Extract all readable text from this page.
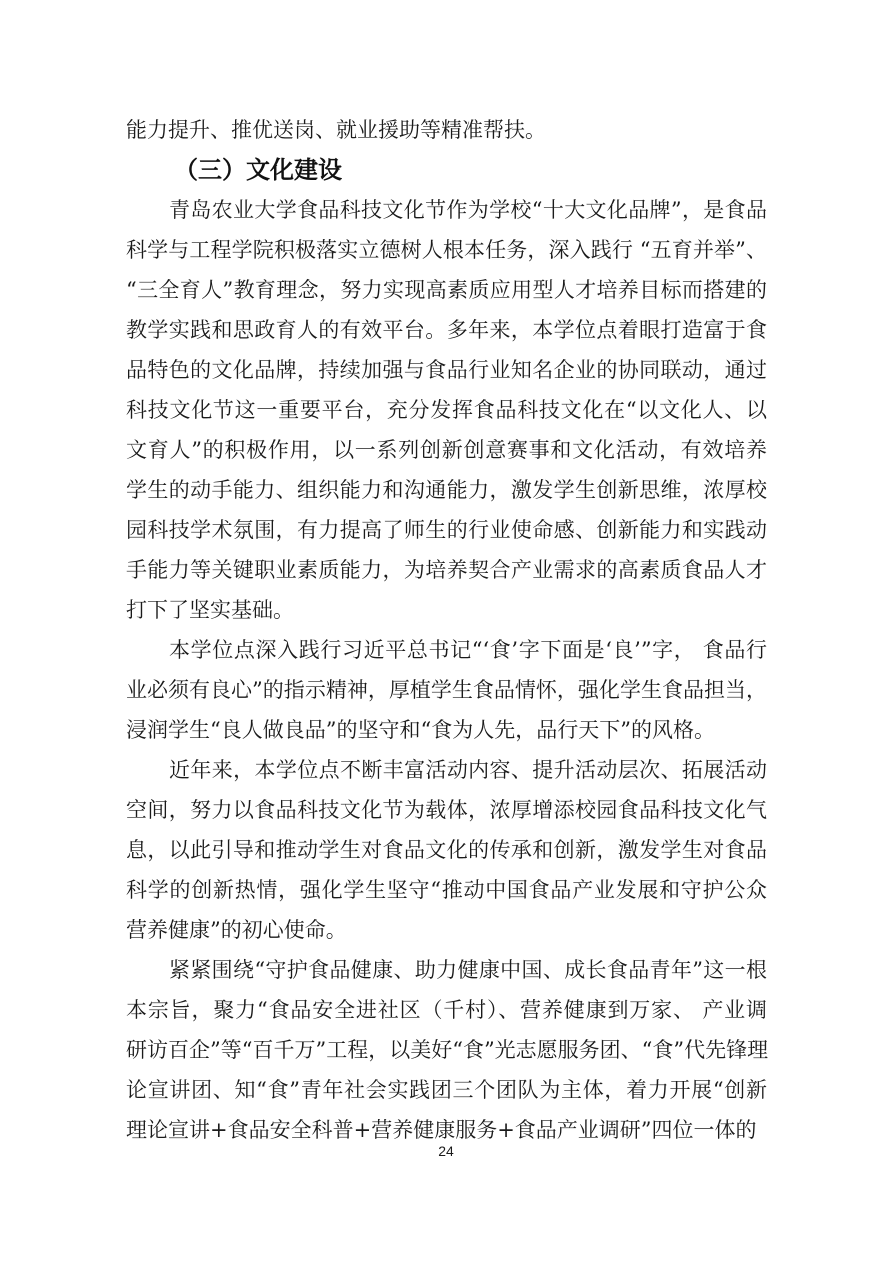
能力提升、推优送岗、就业援助等精准帮扶。
（三）文化建设
青岛农业大学食品科技文化节作为学校“十大文化品牌”，是食品
科学与工程学院积极落实立德树人根本任务，深入践行 “五育并举”、
“三全育人”教育理念，努力实现高素质应用型人才培养目标而搭建的
教学实践和思政育人的有效平台。多年来，本学位点着眼打造富于食
品特色的文化品牌，持续加强与食品行业知名企业的协同联动，通过
科技文化节这一重要平台，充分发挥食品科技文化在“以文化人、以
文育人”的积极作用，以一系列创新创意赛事和文化活动，有效培养
学生的动手能力、组织能力和沟通能力，激发学生创新思维，浓厚校
园科技学术氛围，有力提高了师生的行业使命感、创新能力和实践动
手能力等关键职业素质能力，为培养契合产业需求的高素质食品人才
打下了坚实基础。
本学位点深入践行习近平总书记“‘食’字下面是‘良’”字， 食品行
业必须有良心”的指示精神，厚植学生食品情怀，强化学生食品担当，
浸润学生“良人做良品”的坚守和“食为人先，品行天下”的风格。
近年来，本学位点不断丰富活动内容、提升活动层次、拓展活动
空间，努力以食品科技文化节为载体，浓厚增添校园食品科技文化气
息，以此引导和推动学生对食品文化的传承和创新，激发学生对食品
科学的创新热情，强化学生坚守“推动中国食品产业发展和守护公众
营养健康”的初心使命。
紧紧围绕“守护食品健康、助力健康中国、成长食品青年”这一根
本宗旨，聚力“食品安全进社区（千村）、营养健康到万家、 产业调
研访百企”等“百千万”工程，以美好“食”光志愿服务团、“食”代先锋理
论宣讲团、知“食”青年社会实践团三个团队为主体，着力开展“创新
理论宣讲+食品安全科普+营养健康服务+食品产业调研”四位一体的
24
